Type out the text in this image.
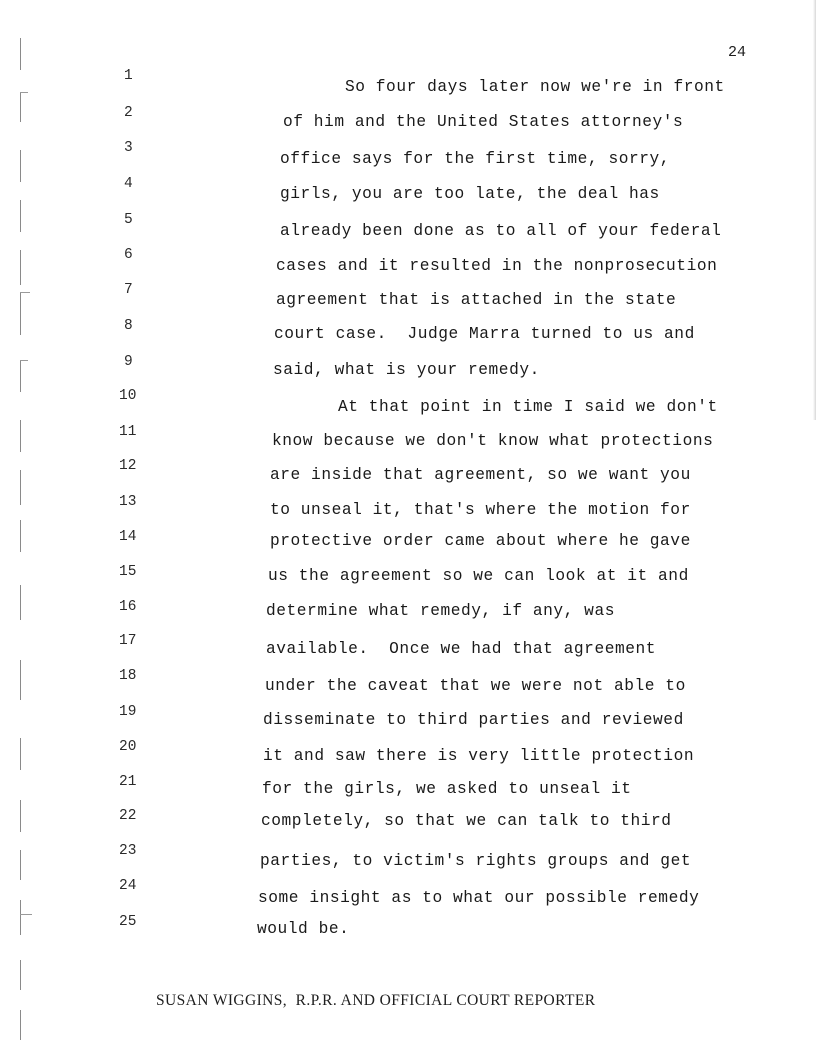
24
1
So four days later now we're in front
2	of him and the United States attorney's
3
office says for the first time, sorry,
4
girls, you are too late, the deal has
5
already been done as to all of your federal
6
cases and it resulted in the nonprosecution
7
agreement that is attached in the state
8	court case.  Judge Marra turned to us and
9	said, what is your remedy.
10
At that point in time I said we don't
11	know because we don't know what protections
12	are inside that agreement, so we want you
13	to unseal it, that's where the motion for
14	protective order came about where he gave
15	us the agreement so we can look at it and
16	determine what remedy, if any, was
17	available.  Once we had that agreement
18
under the caveat that we were not able to
19	disseminate to third parties and reviewed
20	it and saw there is very little protection
21	for the girls, we asked to unseal it
22	completely, so that we can talk to third
23
parties, to victim's rights groups and get
24
some insight as to what our possible remedy
25	would be.
SUSAN WIGGINS,  R.P.R. AND OFFICIAL COURT REPORTER
